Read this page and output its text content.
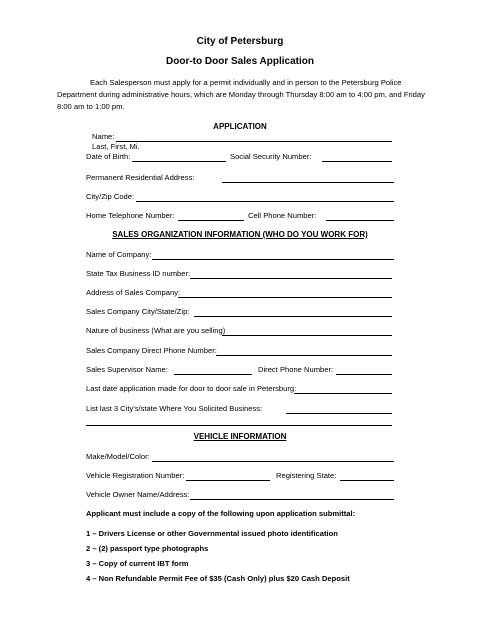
City of Petersburg
Door-to Door Sales Application
Each Salesperson must apply for a permit individually and in person to the Petersburg Police
Department during administrative hours, which are Monday through Thursday 8:00 am to 4:00 pm, and Friday
8:00 am to 1:00 pm.
APPLICATION
Name:
Last, First, Mi.
Date of Birth:	Social Security Number:
Permanent Residential Address:
City/Zip Code:
Home Telephone Number:	Cell Phone Number:
SALES ORGANIZATION INFORMATION (WHO DO YOU WORK FOR)
Name of Company:
State Tax Business ID number:
Address of Sales Company:
Sales Company City/State/Zip:
Nature of business (What are you selling)
Sales Company Direct Phone Number:
Sales Supervisor Name:	Direct Phone Number:
Last date application made for door to door sale in Petersburg:
List last 3 City's/state Where You Solicited Business:
VEHICLE INFORMATION
Make/Model/Color:
Vehicle Registration Number:	Registering State:
Vehicle Owner Name/Address:
Applicant must include a copy of the following upon application submittal:
1 – Drivers License or other Governmental issued photo identification
2 – (2) passport type photographs
3 – Copy of current IBT form
4 – Non Refundable Permit Fee of $35 (Cash Only) plus $20 Cash Deposit
